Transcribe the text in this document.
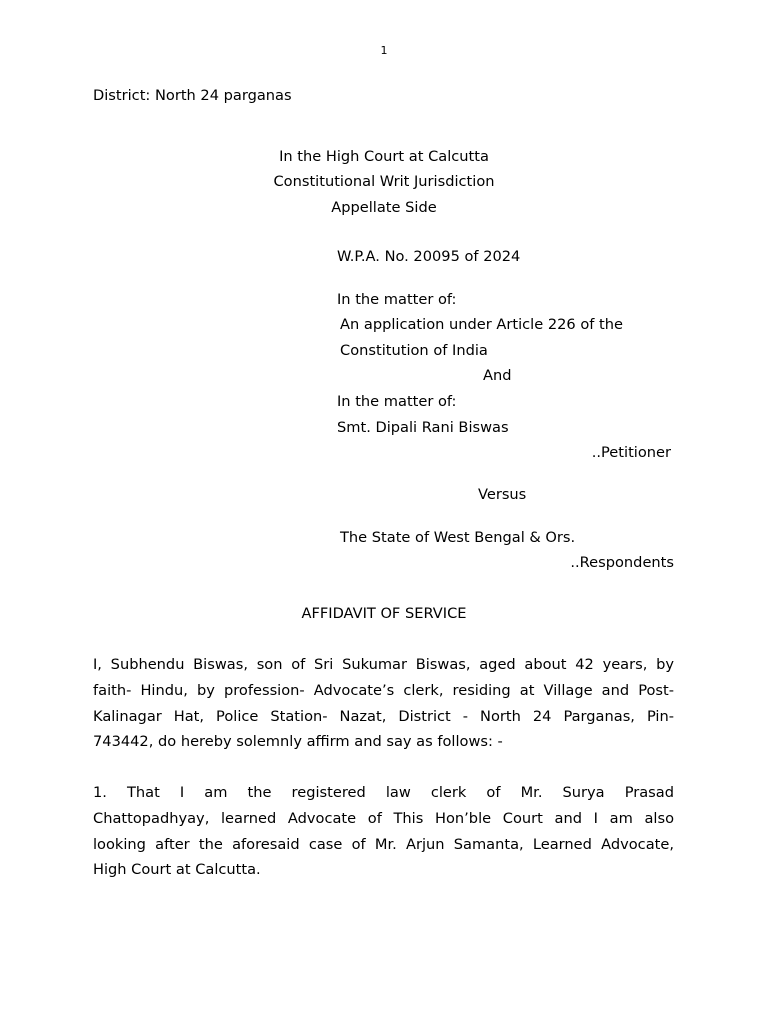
1
District: North 24 parganas
In the High Court at Calcutta
Constitutional Writ Jurisdiction
Appellate Side
W.P.A. No. 20095 of 2024
In the matter of:
An application under Article 226 of the
Constitution of India
And
In the matter of:
Smt. Dipali Rani Biswas
..Petitioner
Versus
The State of West Bengal & Ors.
..Respondents
AFFIDAVIT OF SERVICE
I, Subhendu Biswas, son of Sri Sukumar Biswas, aged about 42 years, by
faith- Hindu, by profession- Advocate’s clerk, residing at Village and Post-
Kalinagar Hat, Police Station- Nazat, District - North 24 Parganas, Pin-
743442, do hereby solemnly affirm and say as follows: -
1. That I am the registered law clerk of Mr. Surya Prasad
Chattopadhyay, learned Advocate of This Hon’ble Court and I am also
looking after the aforesaid case of Mr. Arjun Samanta, Learned Advocate,
High Court at Calcutta.
